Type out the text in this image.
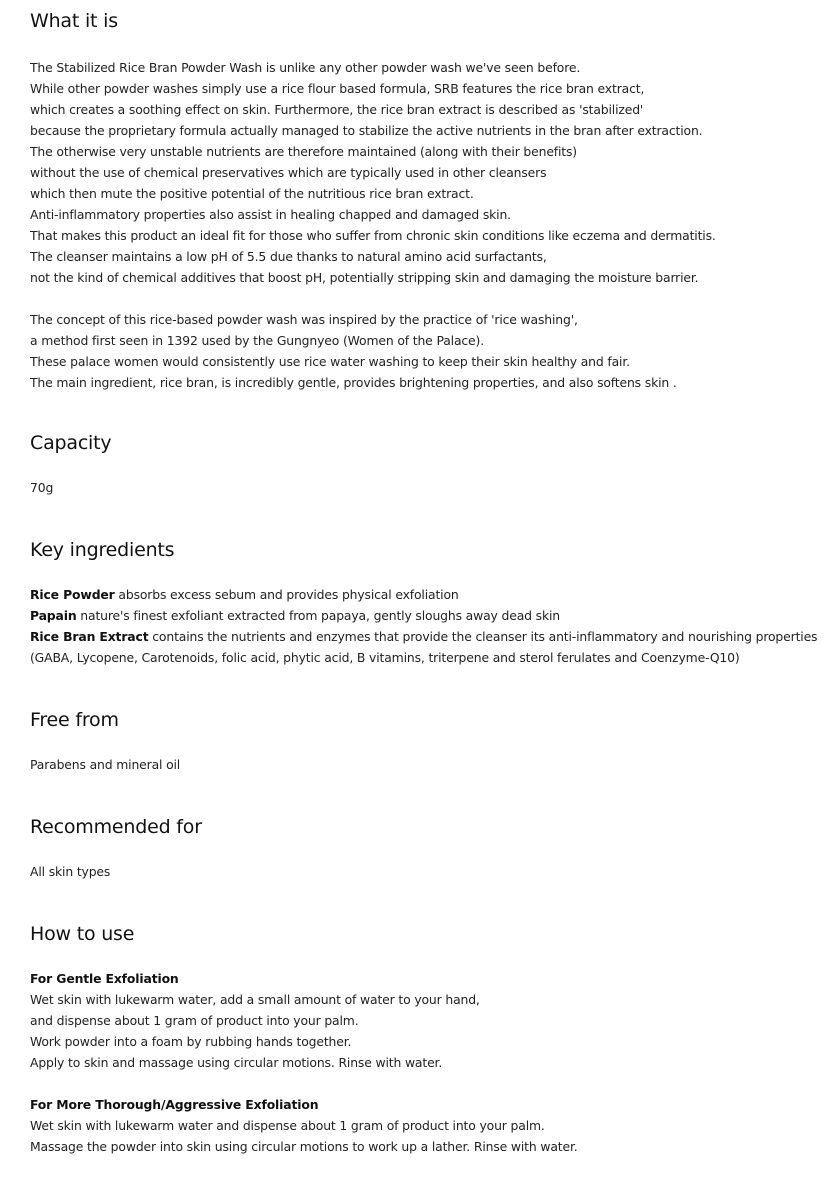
What it is
The Stabilized Rice Bran Powder Wash is unlike any other powder wash we've seen before.
While other powder washes simply use a rice flour based formula, SRB features the rice bran extract,
which creates a soothing effect on skin. Furthermore, the rice bran extract is described as 'stabilized'
because the proprietary formula actually managed to stabilize the active nutrients in the bran after extraction.
The otherwise very unstable nutrients are therefore maintained (along with their benefits)
without the use of chemical preservatives which are typically used in other cleansers
which then mute the positive potential of the nutritious rice bran extract.
Anti-inflammatory properties also assist in healing chapped and damaged skin.
That makes this product an ideal fit for those who suffer from chronic skin conditions like eczema and dermatitis.
The cleanser maintains a low pH of 5.5 due thanks to natural amino acid surfactants,
not the kind of chemical additives that boost pH, potentially stripping skin and damaging the moisture barrier.
The concept of this rice-based powder wash was inspired by the practice of 'rice washing',
a method first seen in 1392 used by the Gungnyeo (Women of the Palace).
These palace women would consistently use rice water washing to keep their skin healthy and fair.
The main ingredient, rice bran, is incredibly gentle, provides brightening properties, and also softens skin .
Capacity
70g
Key ingredients
Rice Powder absorbs excess sebum and provides physical exfoliation
Papain nature's finest exfoliant extracted from papaya, gently sloughs away dead skin
Rice Bran Extract contains the nutrients and enzymes that provide the cleanser its anti-inflammatory and nourishing properties
(GABA, Lycopene, Carotenoids, folic acid, phytic acid, B vitamins, triterpene and sterol ferulates and Coenzyme-Q10)
Free from
Parabens and mineral oil
Recommended for
All skin types
How to use
For Gentle Exfoliation
Wet skin with lukewarm water, add a small amount of water to your hand,
and dispense about 1 gram of product into your palm.
Work powder into a foam by rubbing hands together.
Apply to skin and massage using circular motions. Rinse with water.
For More Thorough/Aggressive Exfoliation
Wet skin with lukewarm water and dispense about 1 gram of product into your palm.
Massage the powder into skin using circular motions to work up a lather. Rinse with water.
